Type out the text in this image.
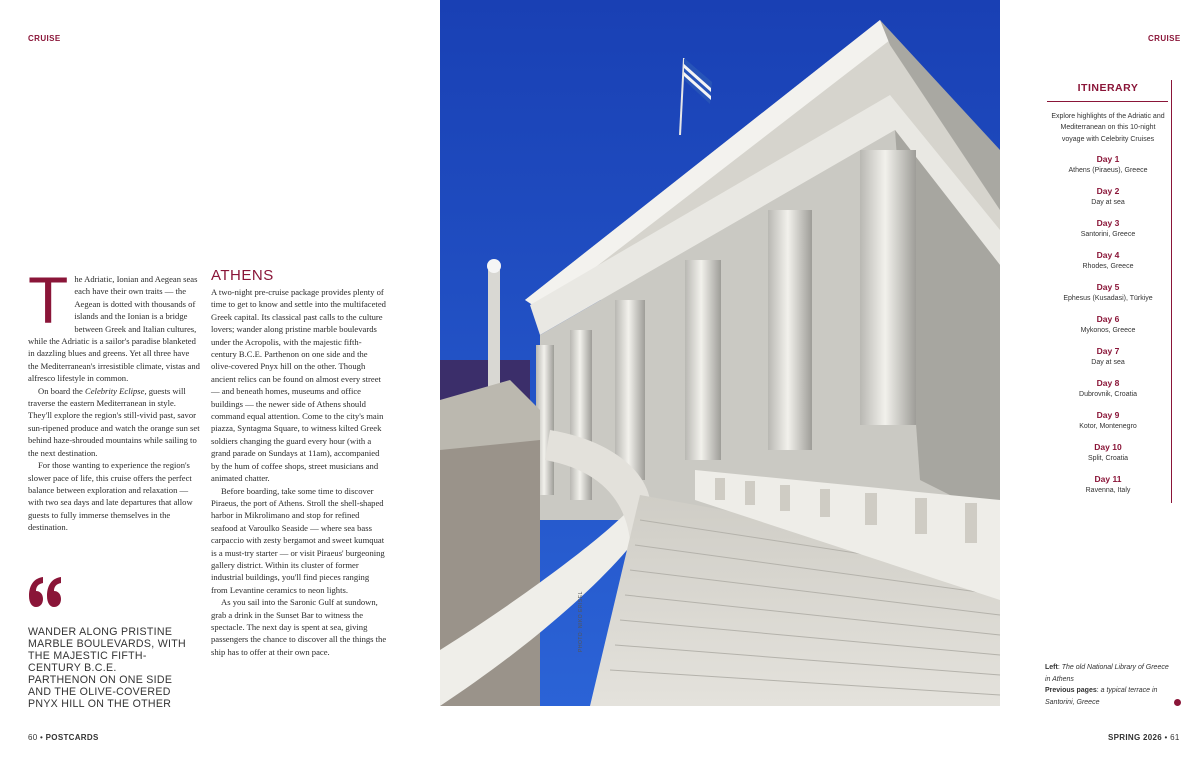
CRUISE	CRUISE

The Adriatic, Ionian and Aegean seas each have their own traits — the Aegean is dotted with thousands of islands and the Ionian is a bridge between Greek and Italian cultures, while the Adriatic is a sailor's paradise blanketed in dazzling blues and greens. Yet all three have the Mediterranean's irresistible climate, vistas and alfresco lifestyle in common.

On board the Celebrity Eclipse, guests will traverse the eastern Mediterranean in style. They'll explore the region's still-vivid past, savor sun-ripened produce and watch the orange sun set behind haze-shrouded mountains while sailing to the next destination.

For those wanting to experience the region's slower pace of life, this cruise offers the perfect balance between exploration and relaxation — with two sea days and late departures that allow guests to fully immerse themselves in the destination.

ATHENS

A two-night pre-cruise package provides plenty of time to get to know and settle into the multifaceted Greek capital. Its classical past calls to the culture lovers; wander along pristine marble boulevards under the Acropolis, with the majestic fifth-century B.C.E. Parthenon on one side and the olive-covered Pnyx hill on the other. Though ancient relics can be found on almost every street — and beneath homes, museums and office buildings — the newer side of Athens should command equal attention. Come to the city's main piazza, Syntagma Square, to witness kilted Greek soldiers changing the guard every hour (with a grand parade on Sundays at 11am), accompanied by the hum of coffee shops, street musicians and animated chatter.

Before boarding, take some time to discover Piraeus, the port of Athens. Stroll the shell-shaped harbor in Mikrolimano and stop for refined seafood at Varoulko Seaside — where sea bass carpaccio with zesty bergamot and sweet kumquat is a must-try starter — or visit Piraeus' burgeoning gallery district. Within its cluster of former industrial buildings, you'll find pieces ranging from Levantine ceramics to neon lights.

As you sail into the Saronic Gulf at sundown, grab a drink in the Sunset Bar to witness the spectacle. The next day is spent at sea, giving passengers the chance to discover all the things the ship has to offer at their own pace.

WANDER ALONG PRISTINE MARBLE BOULEVARDS, WITH THE MAJESTIC FIFTH-CENTURY B.C.E. PARTHENON ON ONE SIDE AND THE OLIVE-COVERED PNYX HILL ON THE OTHER
PHOTO: NIKO ERISEL
ITINERARY
Explore highlights of the Adriatic and Mediterranean on this 10-night voyage with Celebrity Cruises
Day 1
Athens (Piraeus), Greece
Day 2
Day at sea
Day 3
Santorini, Greece
Day 4
Rhodes, Greece
Day 5
Ephesus (Kusadasi), Türkiye
Day 6
Mykonos, Greece
Day 7
Day at sea
Day 8
Dubrovnik, Croatia
Day 9
Kotor, Montenegro
Day 10
Split, Croatia
Day 11
Ravenna, Italy
Left: The old National Library of Greece in Athens
Previous pages: a typical terrace in Santorini, Greece
60 • POSTCARDS	SPRING 2026 • 61
